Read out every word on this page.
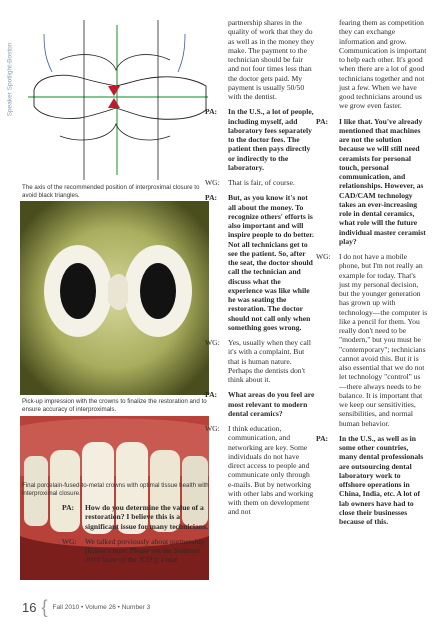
Speaker Spotlight-Boston
The axis of the recommended position of interproximal closure to avoid black triangles.
Pick-up impression with the crowns to finalize the restoration and to ensure accuracy of interproximals.
Final porcelain-fused-to-metal crowns with optimal tissue health with interproximal closure.
PA:	How do you determine the value of a restoration? I believe this is a significant issue for many technicians.
WG:	We talked previously about partnership [Editor's note: Please see the Summer 2010 issue of the JCD.]; a real
partnership shares in the quality of work that they do as well as in the money they make. The payment to the technician should be fair and not four times less than the doctor gets paid. My payment is usually 50/50 with the dentist.
PA:	In the U.S., a lot of people, including myself, add laboratory fees separately to the doctor fees. The patient then pays directly or indirectly to the laboratory.
WG:	That is fair, of course.
PA:	But, as you know it's not all about the money. To recognize others' efforts is also important and will inspire people to do better. Not all technicians get to see the patient. So, after the seat, the doctor should call the technician and discuss what the experience was like while he was seating the restoration. The doctor should not call only when something goes wrong.
WG:	Yes, usually when they call it's with a complaint. But that is human nature. Perhaps the dentists don't think about it.
PA:	What areas do you feel are most relevant to modern dental ceramics?
WG:	I think education, communication, and networking are key. Some individuals do not have direct access to people and communicate only through e-mails. But by networking with other labs and working with them on development and not
fearing them as competition they can exchange information and grow. Communication is important to help each other. It's good when there are a lot of good technicians together and not just a few. When we have good technicians around us we grow even faster.
PA:	I like that. You've already mentioned that machines are not the solution because we will still need ceramists for personal touch, personal communication, and relationships. However, as CAD/CAM technology takes an ever-increasing role in dental ceramics, what role will the future individual master ceramist play?
WG:	I do not have a mobile phone, but I'm not really an example for today. That's just my personal decision, but the younger generation has grown up with technology—the computer is like a pencil for them. You really don't need to be "modern," but you must be "contemporary"; technicians cannot avoid this. But it is also essential that we do not let technology "control" us—there always needs to be balance. It is important that we keep our sensitivities, sensibilities, and normal human behavior.
PA:	In the U.S., as well as in some other countries, many dental professionals are outsourcing dental laboratory work to offshore operations in China, India, etc. A lot of lab owners have had to close their businesses because of this.
16 { Fall 2010 • Volume 26 • Number 3
